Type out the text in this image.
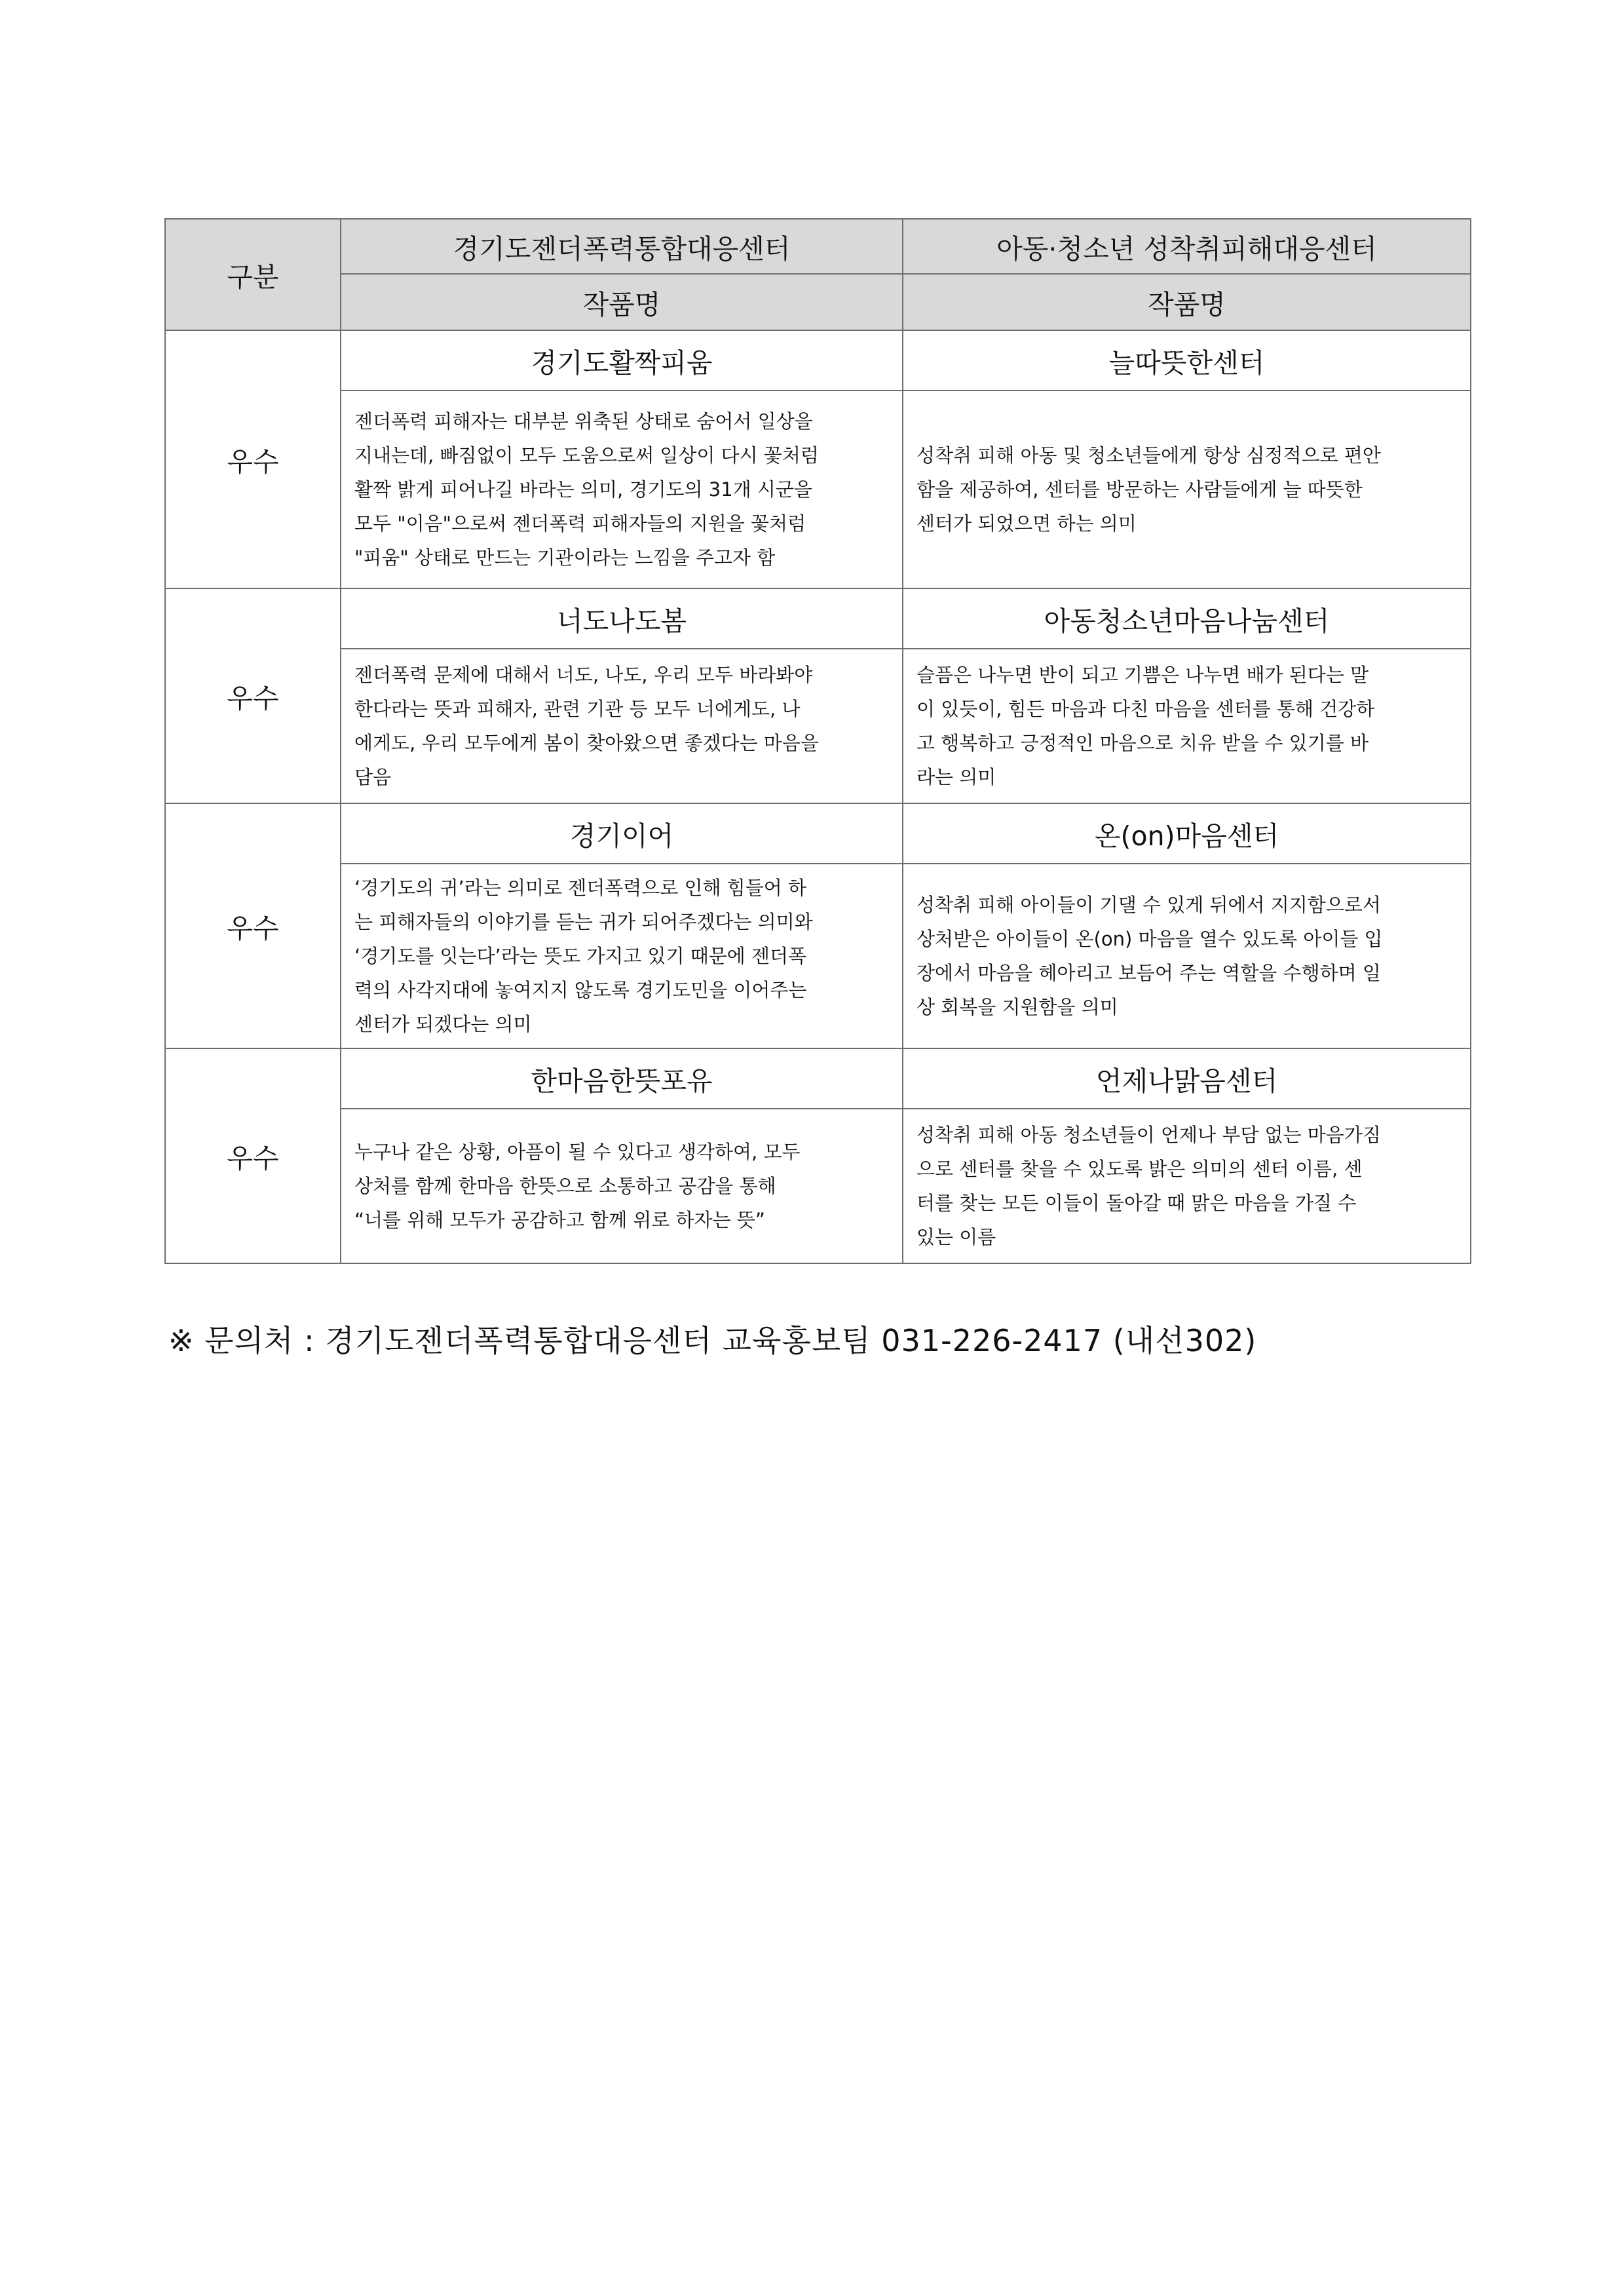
구분	경기도젠더폭력통합대응센터	아동·청소년 성착취피해대응센터
	작품명	작품명
우수	경기도활짝피움	늘따뜻한센터

	젠더폭력 피해자는 대부분 위축된 상태로 숨어서 일상을
지내는데, 빠짐없이 모두 도움으로써 일상이 다시 꽃처럼
활짝 밝게 피어나길 바라는 의미, 경기도의 31개 시군을
모두 "이음"으로써 젠더폭력 피해자들의 지원을 꽃처럼
"피움" 상태로 만드는 기관이라는 느낌을 주고자 함	성착취 피해 아동 및 청소년들에게 항상 심정적으로 편안
함을 제공하여, 센터를 방문하는 사람들에게 늘 따뜻한
센터가 되었으면 하는 의미

우수	너도나도봄	아동청소년마음나눔센터

	젠더폭력 문제에 대해서 너도, 나도, 우리 모두 바라봐야
한다라는 뜻과 피해자, 관련 기관 등 모두 너에게도, 나
에게도, 우리 모두에게 봄이 찾아왔으면 좋겠다는 마음을
담음	슬픔은 나누면 반이 되고 기쁨은 나누면 배가 된다는 말
이 있듯이, 힘든 마음과 다친 마음을 센터를 통해 건강하
고 행복하고 긍정적인 마음으로 치유 받을 수 있기를 바
라는 의미

우수	경기이어	온(on)마음센터

	‘경기도의 귀’라는 의미로 젠더폭력으로 인해 힘들어 하
는 피해자들의 이야기를 듣는 귀가 되어주겠다는 의미와
‘경기도를 잇는다’라는 뜻도 가지고 있기 때문에 젠더폭
력의 사각지대에 놓여지지 않도록 경기도민을 이어주는
센터가 되겠다는 의미	성착취 피해 아이들이 기댈 수 있게 뒤에서 지지함으로서
상처받은 아이들이 온(on) 마음을 열수 있도록 아이들 입
장에서 마음을 헤아리고 보듬어 주는 역할을 수행하며 일
상 회복을 지원함을 의미

우수	한마음한뜻포유	언제나맑음센터

	누구나 같은 상황, 아픔이 될 수 있다고 생각하여, 모두
상처를 함께 한마음 한뜻으로 소통하고 공감을 통해
“너를 위해 모두가 공감하고 함께 위로 하자는 뜻”	성착취 피해 아동 청소년들이 언제나 부담 없는 마음가짐
으로 센터를 찾을 수 있도록 밝은 의미의 센터 이름, 센
터를 찾는 모든 이들이 돌아갈 때 맑은 마음을 가질 수
있는 이름
※ 문의처 : 경기도젠더폭력통합대응센터 교육홍보팀 031-226-2417 (내선302)
